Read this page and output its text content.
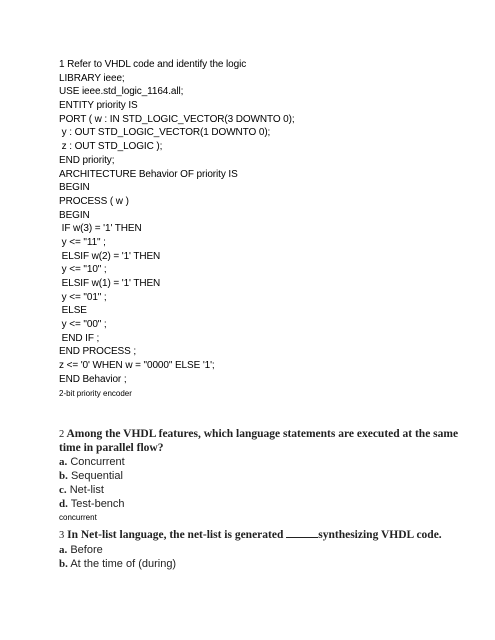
1 Refer to VHDL code and identify the logic
LIBRARY ieee;
USE ieee.std_logic_1164.all;
ENTITY priority IS
PORT ( w : IN STD_LOGIC_VECTOR(3 DOWNTO 0);
y : OUT STD_LOGIC_VECTOR(1 DOWNTO 0);
z : OUT STD_LOGIC );
END priority;
ARCHITECTURE Behavior OF priority IS
BEGIN
PROCESS ( w )
BEGIN
IF w(3) = '1' THEN
y <= "11" ;
ELSIF w(2) = '1' THEN
y <= "10" ;
ELSIF w(1) = '1' THEN
y <= "01" ;
ELSE
y <= "00" ;
END IF ;
END PROCESS ;
z <= '0' WHEN w = "0000" ELSE '1';
END Behavior ;
2-bit priority encoder
2 Among the VHDL features, which language statements are executed at the same time in parallel flow?
a. Concurrent
b. Sequential
c. Net-list
d. Test-bench
concurrent
3 In Net-list language, the net-list is generated	synthesizing VHDL code.
a. Before
b. At the time of (during)
